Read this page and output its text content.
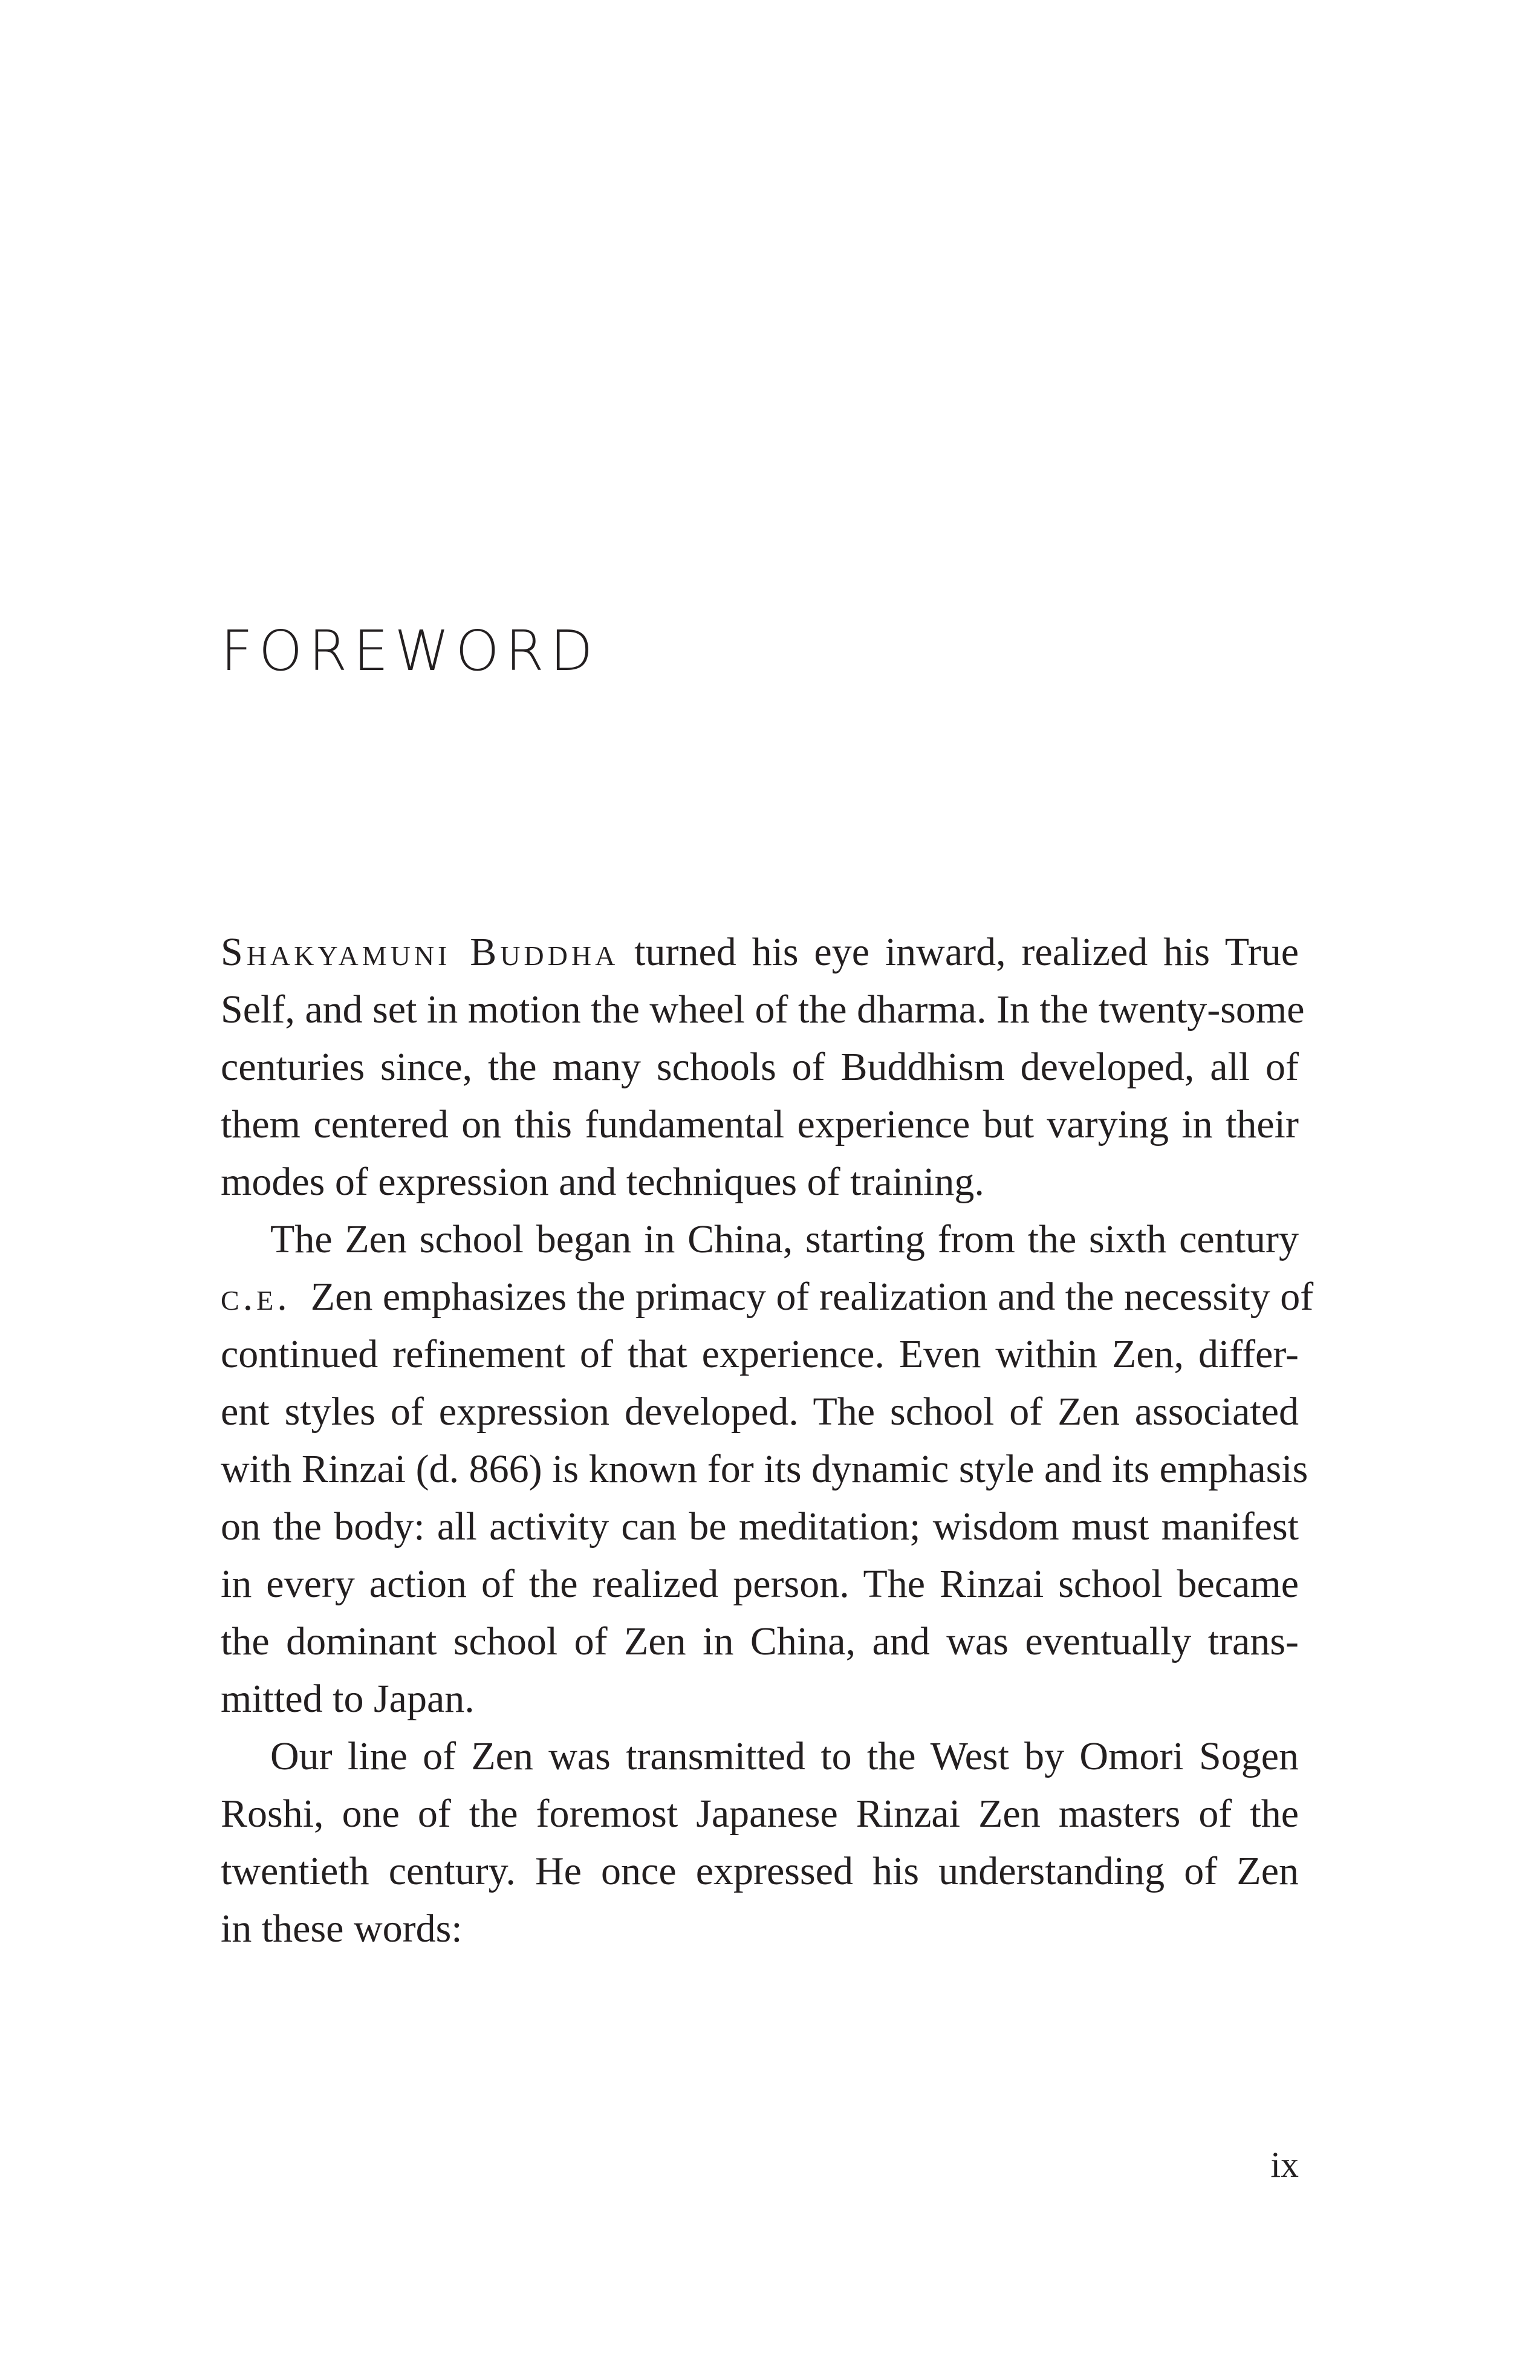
FOREWORD
Shakyamuni Buddha turned his eye inward, realized his True
Self, and set in motion the wheel of the dharma. In the twenty-some
centuries since, the many schools of Buddhism developed, all of
them centered on this fundamental experience but varying in their
modes of expression and techniques of training.
The Zen school began in China, starting from the sixth century
c.e. Zen emphasizes the primacy of realization and the necessity of
continued refinement of that experience. Even within Zen, differ-
ent styles of expression developed. The school of Zen associated
with Rinzai (d. 866) is known for its dynamic style and its emphasis
on the body: all activity can be meditation; wisdom must manifest
in every action of the realized person. The Rinzai school became
the dominant school of Zen in China, and was eventually trans-
mitted to Japan.
Our line of Zen was transmitted to the West by Omori Sogen
Roshi, one of the foremost Japanese Rinzai Zen masters of the
twentieth century. He once expressed his understanding of Zen
in these words:
ix
